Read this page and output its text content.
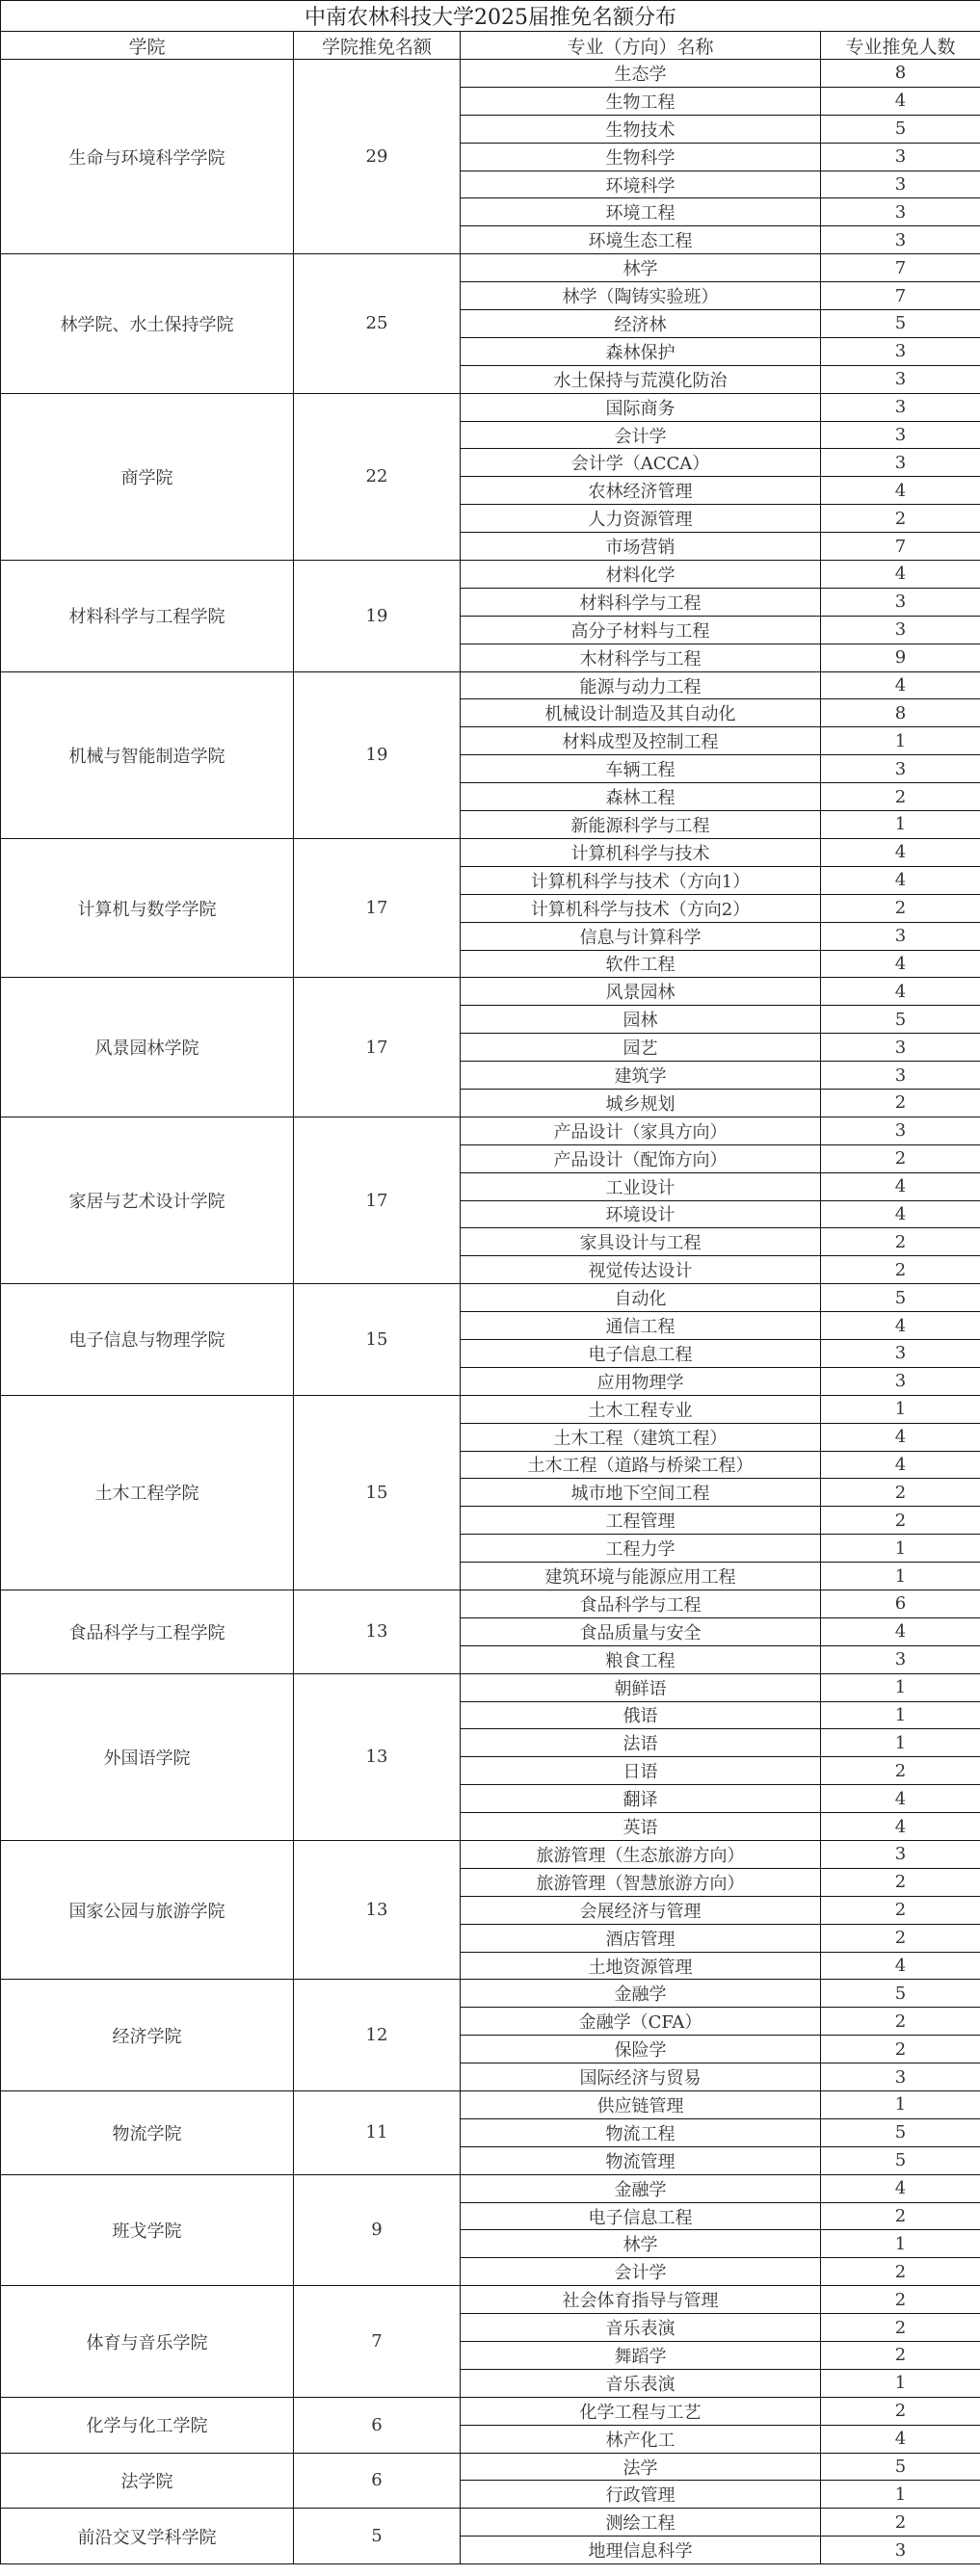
中南农林科技大学2025届推免名额分布			
学院	学院推免名额	专业（方向）名称	专业推免人数
生命与环境科学学院	29	生态学	8
		生物工程	4
		生物技术	5
		生物科学	3
		环境科学	3
		环境工程	3
		环境生态工程	3
林学院、水土保持学院	25	林学	7
		林学（陶铸实验班）	7
		经济林	5
		森林保护	3
		水土保持与荒漠化防治	3
商学院	22	国际商务	3
		会计学	3
		会计学（ACCA）	3
		农林经济管理	4
		人力资源管理	2
		市场营销	7
材料科学与工程学院	19	材料化学	4
		材料科学与工程	3
		高分子材料与工程	3
		木材科学与工程	9
机械与智能制造学院	19	能源与动力工程	4
		机械设计制造及其自动化	8
		材料成型及控制工程	1
		车辆工程	3
		森林工程	2
		新能源科学与工程	1
计算机与数学学院	17	计算机科学与技术	4
		计算机科学与技术（方向1）	4
		计算机科学与技术（方向2）	2
		信息与计算科学	3
		软件工程	4
风景园林学院	17	风景园林	4
		园林	5
		园艺	3
		建筑学	3
		城乡规划	2
家居与艺术设计学院	17	产品设计（家具方向）	3
		产品设计（配饰方向）	2
		工业设计	4
		环境设计	4
		家具设计与工程	2
		视觉传达设计	2
电子信息与物理学院	15	自动化	5
		通信工程	4
		电子信息工程	3
		应用物理学	3
土木工程学院	15	土木工程专业	1
		土木工程（建筑工程）	4
		土木工程（道路与桥梁工程）	4
		城市地下空间工程	2
		工程管理	2
		工程力学	1
		建筑环境与能源应用工程	1
食品科学与工程学院	13	食品科学与工程	6
		食品质量与安全	4
		粮食工程	3
外国语学院	13	朝鲜语	1
		俄语	1
		法语	1
		日语	2
		翻译	4
		英语	4
国家公园与旅游学院	13	旅游管理（生态旅游方向）	3
		旅游管理（智慧旅游方向）	2
		会展经济与管理	2
		酒店管理	2
		土地资源管理	4
经济学院	12	金融学	5
		金融学（CFA）	2
		保险学	2
		国际经济与贸易	3
物流学院	11	供应链管理	1
		物流工程	5
		物流管理	5
班戈学院	9	金融学	4
		电子信息工程	2
		林学	1
		会计学	2
体育与音乐学院	7	社会体育指导与管理	2
		音乐表演	2
		舞蹈学	2
		音乐表演	1
化学与化工学院	6	化学工程与工艺	2
		林产化工	4
法学院	6	法学	5
		行政管理	1
前沿交叉学科学院	5	测绘工程	2
		地理信息科学	3
